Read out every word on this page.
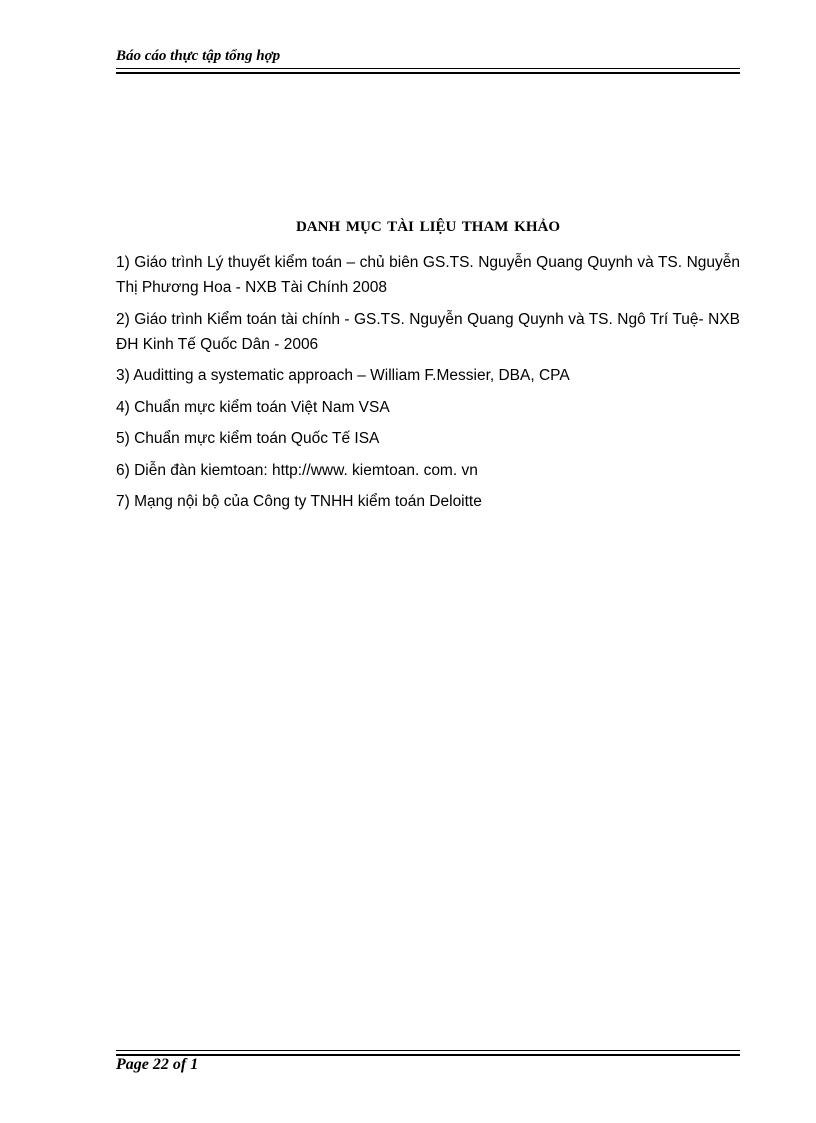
Báo cáo thực tập tổng hợp
DANH MỤC TÀI LIỆU THAM KHẢO
1) Giáo trình Lý thuyết kiểm toán – chủ biên GS.TS. Nguyễn Quang Quynh và TS. Nguyễn Thị Phương Hoa - NXB Tài Chính 2008
2) Giáo trình Kiểm toán tài chính - GS.TS. Nguyễn Quang Quynh và TS. Ngô Trí Tuệ- NXB ĐH Kinh Tế Quốc Dân - 2006
3) Auditting a systematic approach – William F.Messier, DBA, CPA
4) Chuẩn mực kiểm toán Việt Nam VSA
5) Chuẩn mực kiểm toán Quốc Tế ISA
6) Diễn đàn kiemtoan: http://www. kiemtoan. com. vn
7) Mạng nội bộ của Công ty TNHH kiểm toán Deloitte
Page 22 of 1
